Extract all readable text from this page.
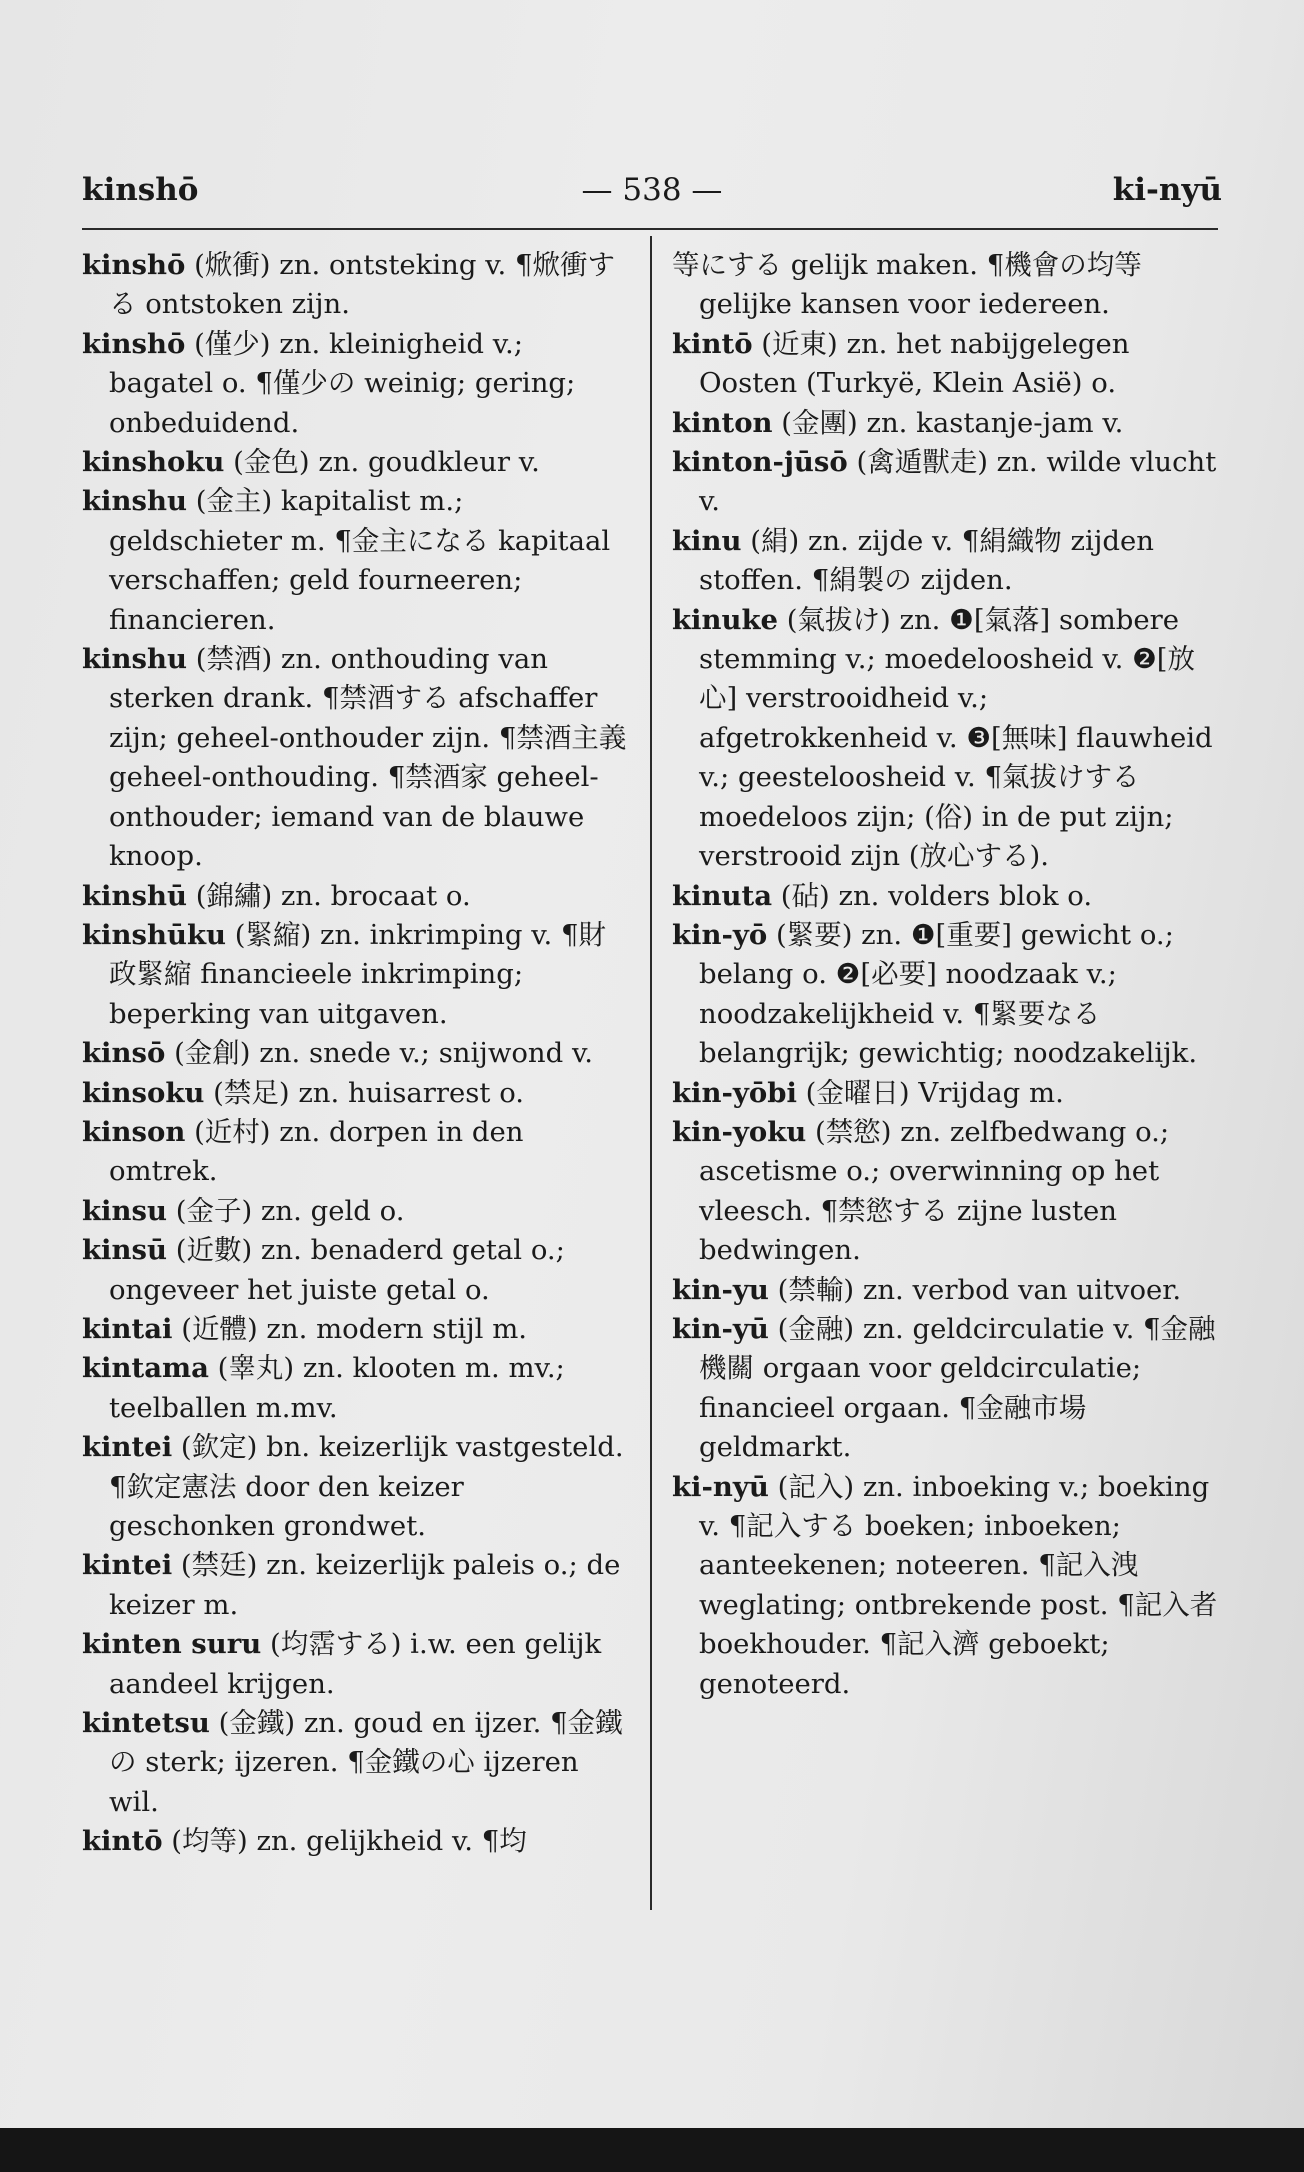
kinshō	— 538 —	ki-nyū

kinshō (焮衝) zn. ontsteking v. ¶焮衝する ontstoken zijn.

kinshō (僅少) zn. kleinigheid v.; bagatel o. ¶僅少の weinig; gering; onbeduidend.

kinshoku (金色) zn. goudkleur v.

kinshu (金主) kapitalist m.; geldschieter m. ¶金主になる kapitaal verschaffen; geld fourneeren; financieren.

kinshu (禁酒) zn. onthouding van sterken drank. ¶禁酒する afschaffer zijn; geheel-onthouder zijn. ¶禁酒主義 geheel-onthouding. ¶禁酒家 geheel-onthouder; iemand van de blauwe knoop.

kinshū (錦繡) zn. brocaat o.

kinshūku (緊縮) zn. inkrimping v. ¶財政緊縮 financieele inkrimping; beperking van uitgaven.

kinsō (金創) zn. snede v.; snijwond v.

kinsoku (禁足) zn. huisarrest o.

kinson (近村) zn. dorpen in den omtrek.

kinsu (金子) zn. geld o.

kinsū (近數) zn. benaderd getal o.; ongeveer het juiste getal o.

kintai (近體) zn. modern stijl m.

kintama (睾丸) zn. klooten m. mv.; teelballen m.mv.

kintei (欽定) bn. keizerlijk vastgesteld. ¶欽定憲法 door den keizer geschonken grondwet.

kintei (禁廷) zn. keizerlijk paleis o.; de keizer m.

kinten suru (均霑する) i.w. een gelijk aandeel krijgen.

kintetsu (金鐵) zn. goud en ijzer. ¶金鐵の sterk; ijzeren. ¶金鐵の心 ijzeren wil.

kintō (均等) zn. gelijkheid v. ¶均

等にする gelijk maken. ¶機會の均等 gelijke kansen voor iedereen.

kintō (近東) zn. het nabijgelegen Oosten (Turkyë, Klein Asië) o.

kinton (金團) zn. kastanje-jam v.

kinton-jūsō (禽遁獸走) zn. wilde vlucht v.

kinu (絹) zn. zijde v. ¶絹織物 zijden stoffen. ¶絹製の zijden.

kinuke (氣拔け) zn. ❶[氣落] sombere stemming v.; moedeloosheid v. ❷[放心] verstrooidheid v.; afgetrokkenheid v. ❸[無味] flauwheid v.; geesteloosheid v. ¶氣拔けする moedeloos zijn; (俗) in de put zijn; verstrooid zijn (放心する).

kinuta (砧) zn. volders blok o.

kin-yō (緊要) zn. ❶[重要] gewicht o.; belang o. ❷[必要] noodzaak v.; noodzakelijkheid v. ¶緊要なる belangrijk; gewichtig; noodzakelijk.

kin-yōbi (金曜日) Vrijdag m.

kin-yoku (禁慾) zn. zelfbedwang o.; ascetisme o.; overwinning op het vleesch. ¶禁慾する zijne lusten bedwingen.

kin-yu (禁輸) zn. verbod van uitvoer.

kin-yū (金融) zn. geldcirculatie v. ¶金融機關 orgaan voor geldcirculatie; financieel orgaan. ¶金融市場 geldmarkt.

ki-nyū (記入) zn. inboeking v.; boeking v. ¶記入する boeken; inboeken; aanteekenen; noteeren. ¶記入洩 weglating; ontbrekende post. ¶記入者 boekhouder. ¶記入濟 geboekt; genoteerd.
